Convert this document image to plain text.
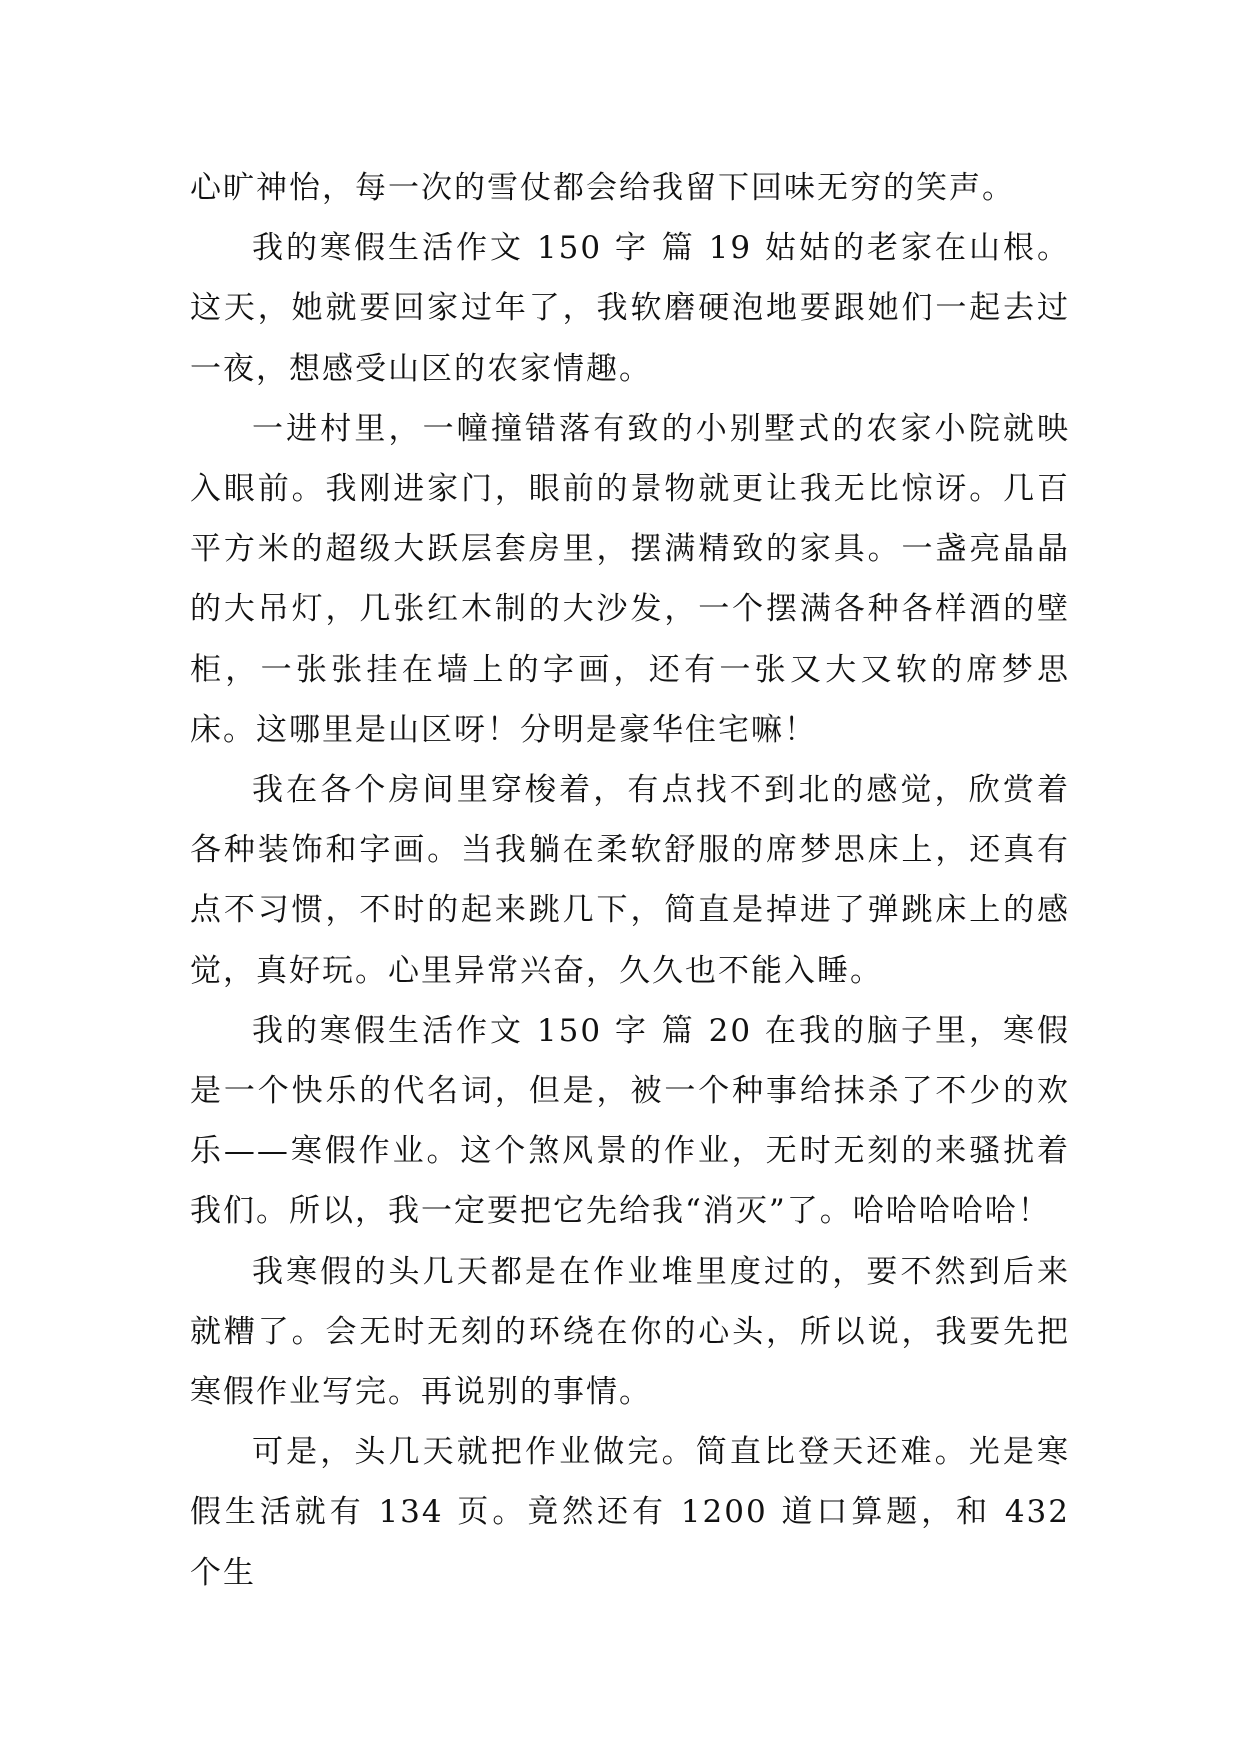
心旷神怡，每一次的雪仗都会给我留下回味无穷的笑声。

我的寒假生活作文 150 字 篇 19 姑姑的老家在山根。这天，她就要回家过年了，我软磨硬泡地要跟她们一起去过一夜，想感受山区的农家情趣。

一进村里，一幢撞错落有致的小别墅式的农家小院就映入眼前。我刚进家门，眼前的景物就更让我无比惊讶。几百平方米的超级大跃层套房里，摆满精致的家具。一盏亮晶晶的大吊灯，几张红木制的大沙发，一个摆满各种各样酒的壁柜，一张张挂在墙上的字画，还有一张又大又软的席梦思床。这哪里是山区呀！分明是豪华住宅嘛！

我在各个房间里穿梭着，有点找不到北的感觉，欣赏着各种装饰和字画。当我躺在柔软舒服的席梦思床上，还真有点不习惯，不时的起来跳几下，简直是掉进了弹跳床上的感觉，真好玩。心里异常兴奋，久久也不能入睡。

我的寒假生活作文 150 字 篇 20 在我的脑子里，寒假是一个快乐的代名词，但是，被一个种事给抹杀了不少的欢乐——寒假作业。这个煞风景的作业，无时无刻的来骚扰着我们。所以，我一定要把它先给我“消灭”了。哈哈哈哈哈！

我寒假的头几天都是在作业堆里度过的，要不然到后来就糟了。会无时无刻的环绕在你的心头，所以说，我要先把寒假作业写完。再说别的事情。

可是，头几天就把作业做完。简直比登天还难。光是寒假生活就有 134 页。竟然还有 1200 道口算题，和 432 个生
